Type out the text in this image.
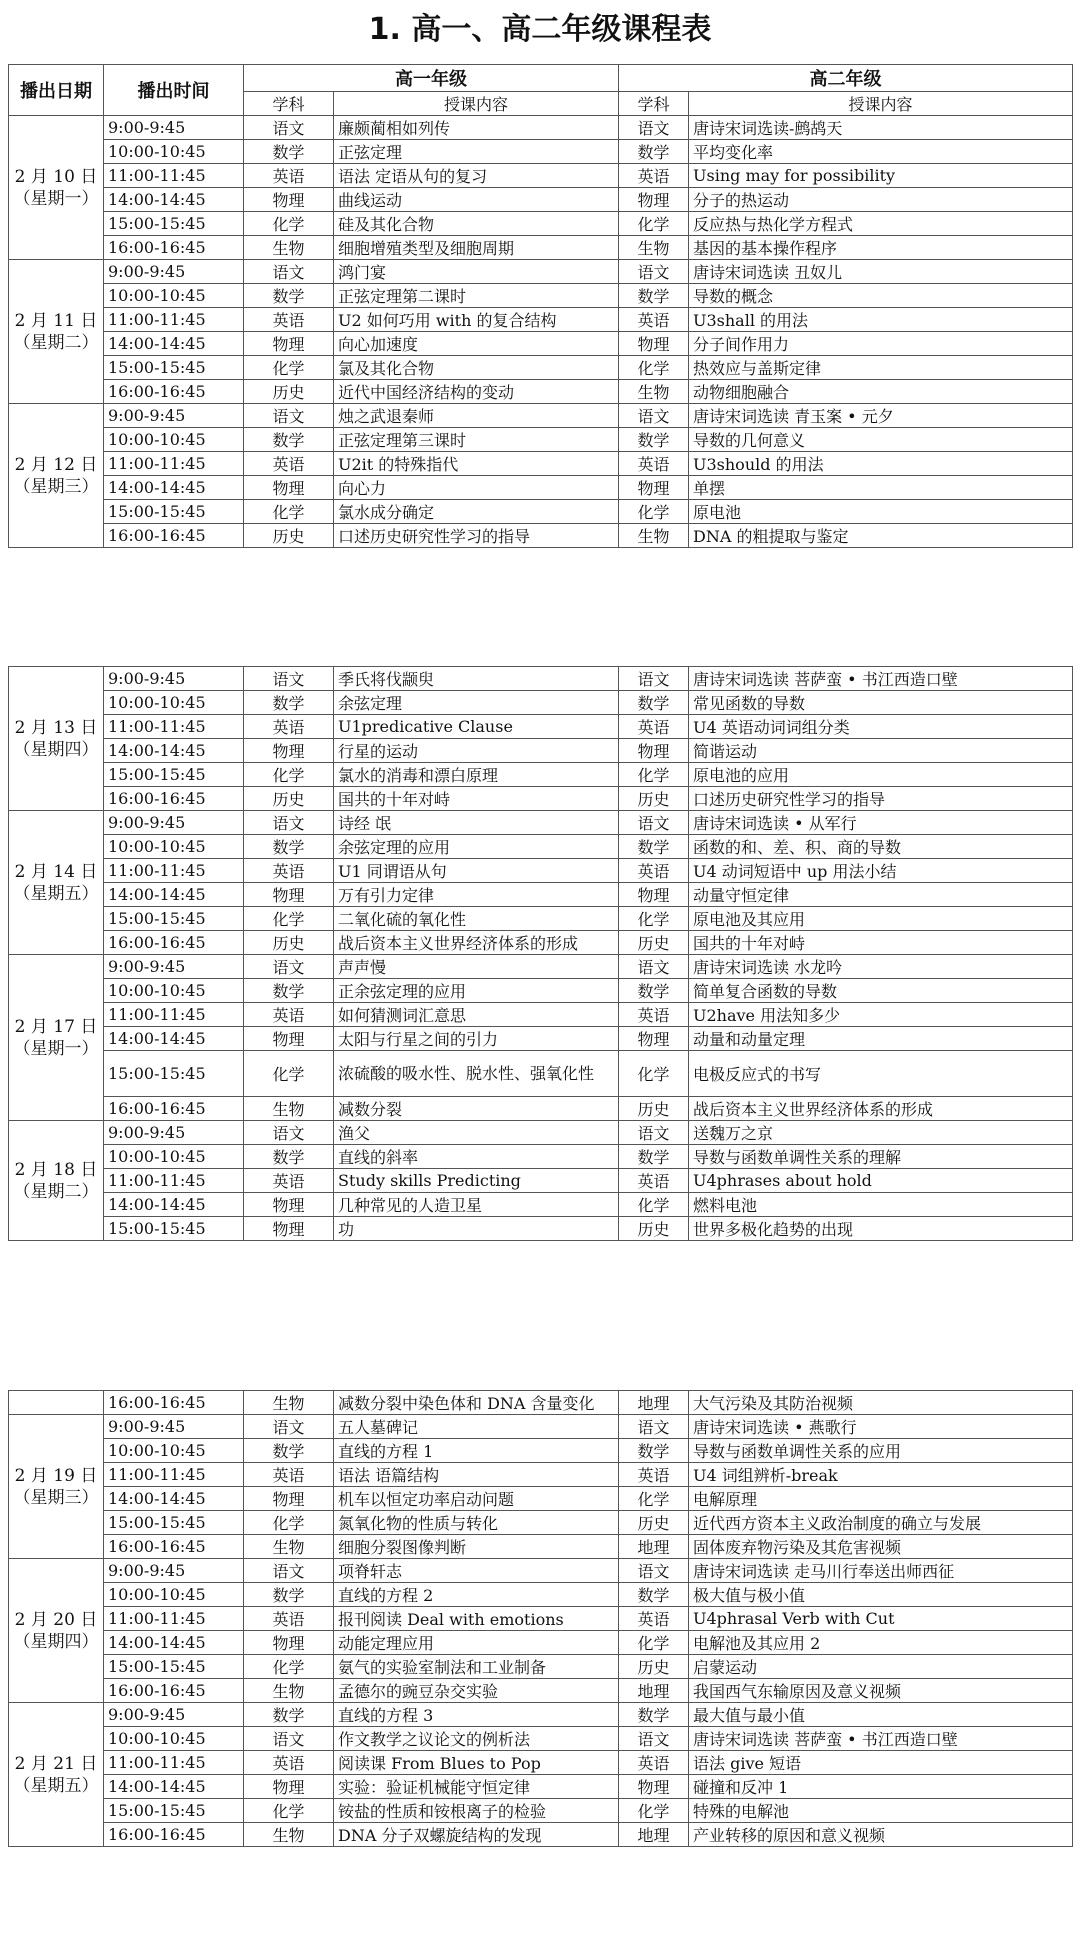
1. 高一、高二年级课程表
播出日期	播出时间	高一年级		高二年级	
		学科	授课内容	学科	授课内容

2 月 10 日
（星期一）	9:00-9:45	语文	廉颇蔺相如列传	语文	唐诗宋词选读-鹧鸪天
	10:00-10:45	数学	正弦定理	数学	平均变化率
	11:00-11:45	英语	语法 定语从句的复习	英语	Using may for possibility
	14:00-14:45	物理	曲线运动	物理	分子的热运动
	15:00-15:45	化学	硅及其化合物	化学	反应热与热化学方程式
	16:00-16:45	生物	细胞增殖类型及细胞周期	生物	基因的基本操作程序

2 月 11 日
（星期二）	9:00-9:45	语文	鸿门宴	语文	唐诗宋词选读 丑奴儿
	10:00-10:45	数学	正弦定理第二课时	数学	导数的概念
	11:00-11:45	英语	U2 如何巧用 with 的复合结构	英语	U3shall 的用法
	14:00-14:45	物理	向心加速度	物理	分子间作用力
	15:00-15:45	化学	氯及其化合物	化学	热效应与盖斯定律
	16:00-16:45	历史	近代中国经济结构的变动	生物	动物细胞融合

2 月 12 日
（星期三）	9:00-9:45	语文	烛之武退秦师	语文	唐诗宋词选读 青玉案 • 元夕
	10:00-10:45	数学	正弦定理第三课时	数学	导数的几何意义
	11:00-11:45	英语	U2it 的特殊指代	英语	U3should 的用法
	14:00-14:45	物理	向心力	物理	单摆
	15:00-15:45	化学	氯水成分确定	化学	原电池
	16:00-16:45	历史	口述历史研究性学习的指导	生物	DNA 的粗提取与鉴定
2 月 13 日
（星期四）	9:00-9:45	语文	季氏将伐颛臾	语文	唐诗宋词选读 菩萨蛮 • 书江西造口壁
	10:00-10:45	数学	余弦定理	数学	常见函数的导数
	11:00-11:45	英语	U1predicative Clause	英语	U4 英语动词词组分类
	14:00-14:45	物理	行星的运动	物理	简谐运动
	15:00-15:45	化学	氯水的消毒和漂白原理	化学	原电池的应用
	16:00-16:45	历史	国共的十年对峙	历史	口述历史研究性学习的指导

2 月 14 日
（星期五）	9:00-9:45	语文	诗经 氓	语文	唐诗宋词选读 • 从军行
	10:00-10:45	数学	余弦定理的应用	数学	函数的和、差、积、商的导数
	11:00-11:45	英语	U1 同谓语从句	英语	U4 动词短语中 up 用法小结
	14:00-14:45	物理	万有引力定律	物理	动量守恒定律
	15:00-15:45	化学	二氧化硫的氧化性	化学	原电池及其应用
	16:00-16:45	历史	战后资本主义世界经济体系的形成	历史	国共的十年对峙

2 月 17 日
（星期一）	9:00-9:45	语文	声声慢	语文	唐诗宋词选读 水龙吟
	10:00-10:45	数学	正余弦定理的应用	数学	简单复合函数的导数
	11:00-11:45	英语	如何猜测词汇意思	英语	U2have 用法知多少
	14:00-14:45	物理	太阳与行星之间的引力	物理	动量和动量定理
	15:00-15:45	化学	浓硫酸的吸水性、脱水性、强氧化性	化学	电极反应式的书写
	16:00-16:45	生物	减数分裂	历史	战后资本主义世界经济体系的形成

2 月 18 日
（星期二）	9:00-9:45	语文	渔父	语文	送魏万之京
	10:00-10:45	数学	直线的斜率	数学	导数与函数单调性关系的理解
	11:00-11:45	英语	Study skills Predicting	英语	U4phrases about hold
	14:00-14:45	物理	几种常见的人造卫星	化学	燃料电池
	15:00-15:45	物理	功	历史	世界多极化趋势的出现
	16:00-16:45	生物	减数分裂中染色体和 DNA 含量变化	地理	大气污染及其防治视频

2 月 19 日
（星期三）	9:00-9:45	语文	五人墓碑记	语文	唐诗宋词选读 • 燕歌行
	10:00-10:45	数学	直线的方程 1	数学	导数与函数单调性关系的应用
	11:00-11:45	英语	语法 语篇结构	英语	U4 词组辨析-break
	14:00-14:45	物理	机车以恒定功率启动问题	化学	电解原理
	15:00-15:45	化学	氮氧化物的性质与转化	历史	近代西方资本主义政治制度的确立与发展
	16:00-16:45	生物	细胞分裂图像判断	地理	固体废弃物污染及其危害视频

2 月 20 日
（星期四）	9:00-9:45	语文	项脊轩志	语文	唐诗宋词选读 走马川行奉送出师西征
	10:00-10:45	数学	直线的方程 2	数学	极大值与极小值
	11:00-11:45	英语	报刊阅读 Deal with emotions	英语	U4phrasal Verb with Cut
	14:00-14:45	物理	动能定理应用	化学	电解池及其应用 2
	15:00-15:45	化学	氨气的实验室制法和工业制备	历史	启蒙运动
	16:00-16:45	生物	孟德尔的豌豆杂交实验	地理	我国西气东输原因及意义视频

2 月 21 日
（星期五）	9:00-9:45	数学	直线的方程 3	数学	最大值与最小值
	10:00-10:45	语文	作文教学之议论文的例析法	语文	唐诗宋词选读 菩萨蛮 • 书江西造口壁
	11:00-11:45	英语	阅读课 From Blues to Pop	英语	语法 give 短语
	14:00-14:45	物理	实验：验证机械能守恒定律	物理	碰撞和反冲 1
	15:00-15:45	化学	铵盐的性质和铵根离子的检验	化学	特殊的电解池
	16:00-16:45	生物	DNA 分子双螺旋结构的发现	地理	产业转移的原因和意义视频
